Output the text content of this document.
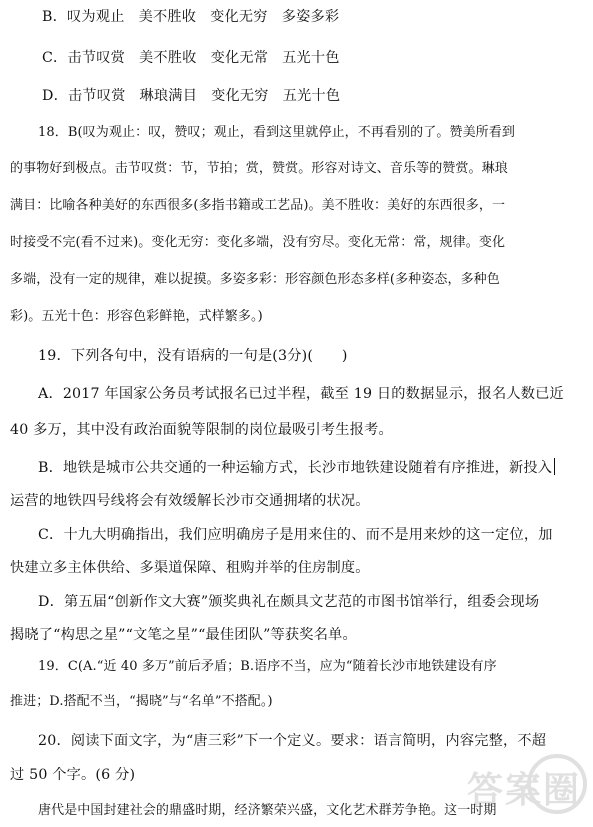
B．叹为观止 美不胜收 变化无穷 多姿多彩
C．击节叹赏 美不胜收 变化无常 五光十色
D．击节叹赏 琳琅满目 变化无穷 五光十色
18．B(叹为观止：叹，赞叹；观止，看到这里就停止，不再看别的了。赞美所看到
的事物好到极点。击节叹赏：节，节拍；赏，赞赏。形容对诗文、音乐等的赞赏。琳琅
满目：比喻各种美好的东西很多(多指书籍或工艺品)。美不胜收：美好的东西很多，一
时接受不完(看不过来)。变化无穷：变化多端，没有穷尽。变化无常：常，规律。变化
多端，没有一定的规律，难以捉摸。多姿多彩：形容颜色形态多样(多种姿态，多种色
彩)。五光十色：形容色彩鲜艳，式样繁多。)
19．下列各句中，没有语病的一句是(3分)(　　)
A．2017 年国家公务员考试报名已过半程，截至 19 日的数据显示，报名人数已近
40 多万，其中没有政治面貌等限制的岗位最吸引考生报考。
B．地铁是城市公共交通的一种运输方式，长沙市地铁建设随着有序推进，新投入
运营的地铁四号线将会有效缓解长沙市交通拥堵的状况。
C．十九大明确指出，我们应明确房子是用来住的、而不是用来炒的这一定位，加
快建立多主体供给、多渠道保障、租购并举的住房制度。
D．第五届“创新作文大赛”颁奖典礼在颇具文艺范的市图书馆举行，组委会现场
揭晓了“构思之星”“文笔之星”“最佳团队”等获奖名单。
19．C(A.“近 40 多万”前后矛盾；B.语序不当，应为“随着长沙市地铁建设有序
推进；D.搭配不当，“揭晓”与“名单”不搭配。)
20．阅读下面文字，为“唐三彩”下一个定义。要求：语言简明，内容完整，不超
过 50 个字。(6 分)
唐代是中国封建社会的鼎盛时期，经济繁荣兴盛，文化艺术群芳争艳。这一时期
答案圈
